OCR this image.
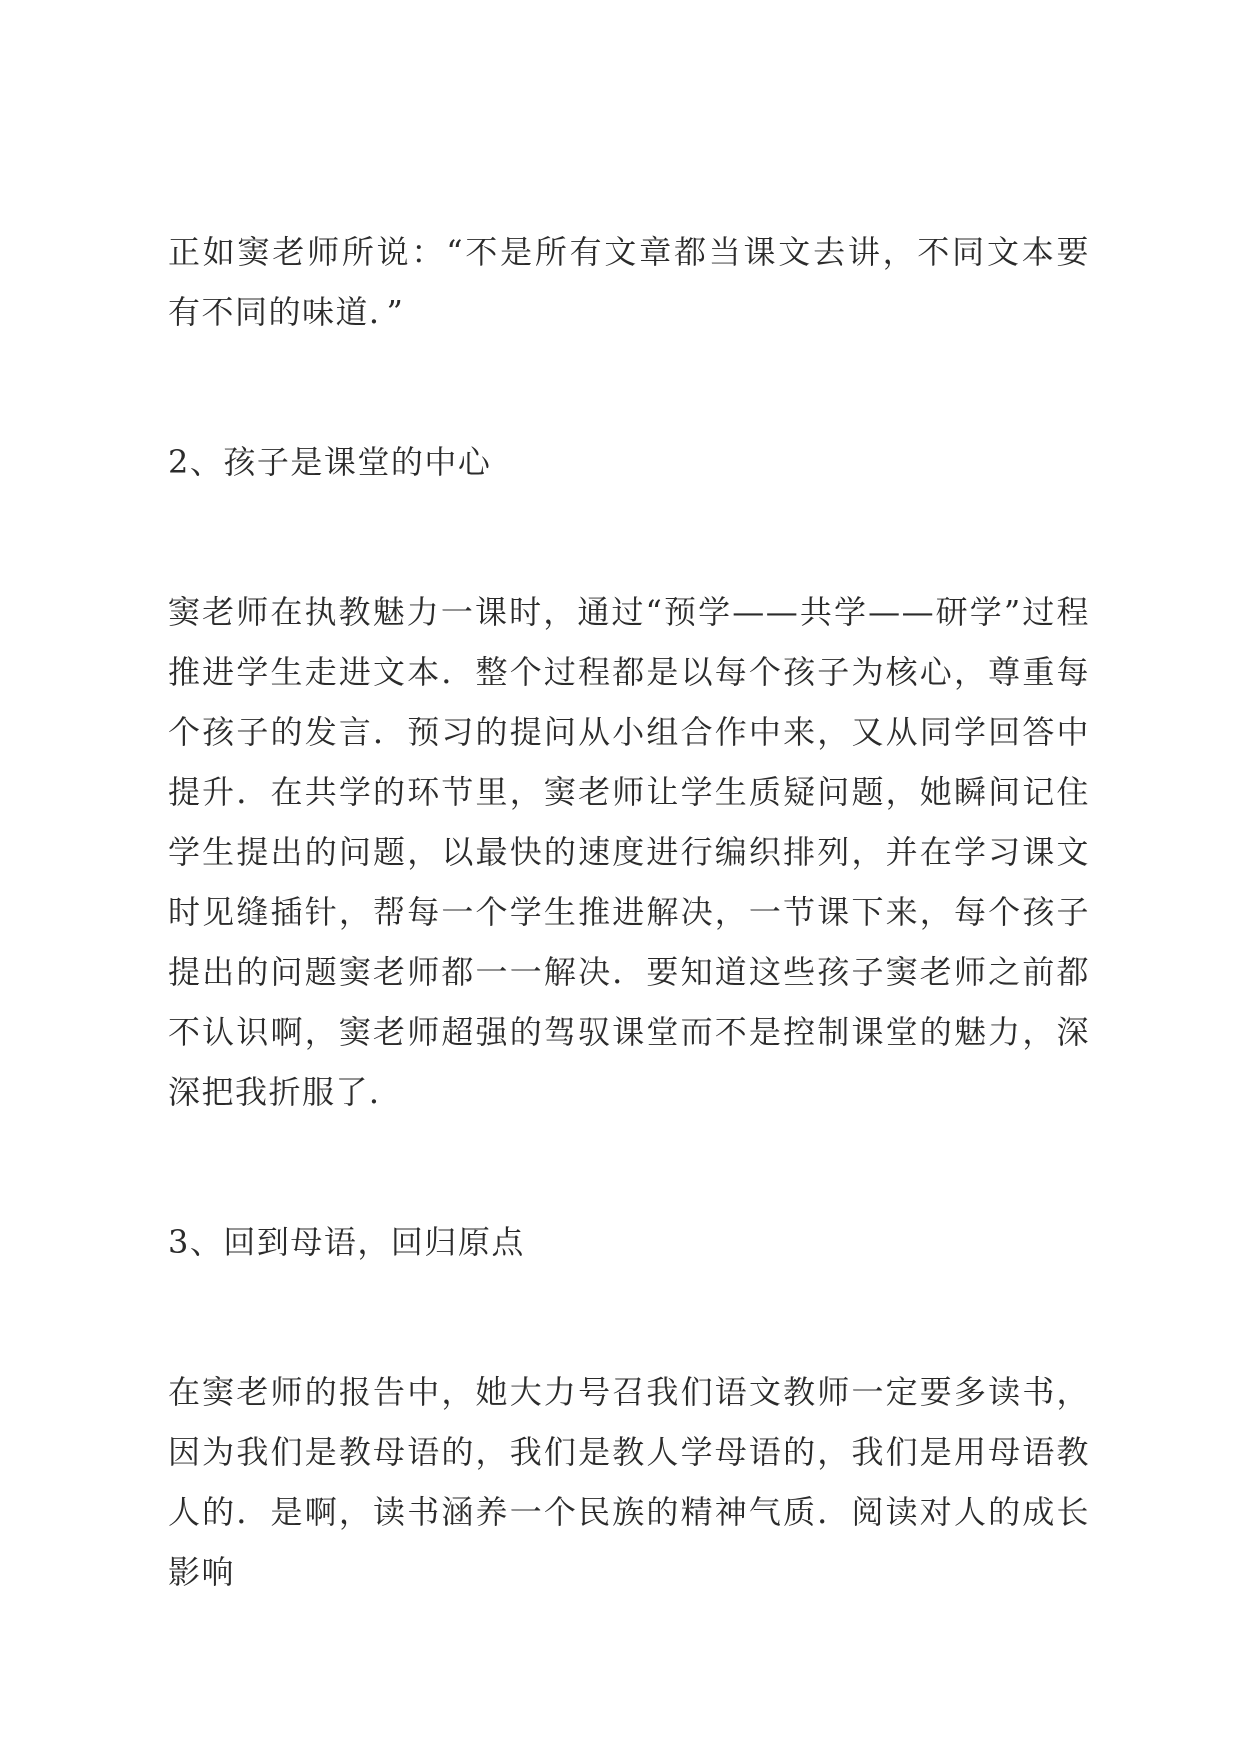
正如窦老师所说：“不是所有文章都当课文去讲，不同文本要有不同的味道．”

2、孩子是课堂的中心

窦老师在执教魅力一课时，通过“预学——共学——研学”过程推进学生走进文本．整个过程都是以每个孩子为核心，尊重每个孩子的发言．预习的提问从小组合作中来，又从同学回答中提升．在共学的环节里，窦老师让学生质疑问题，她瞬间记住学生提出的问题，以最快的速度进行编织排列，并在学习课文时见缝插针，帮每一个学生推进解决，一节课下来，每个孩子提出的问题窦老师都一一解决．要知道这些孩子窦老师之前都不认识啊，窦老师超强的驾驭课堂而不是控制课堂的魅力，深深把我折服了．

3、回到母语，回归原点

在窦老师的报告中，她大力号召我们语文教师一定要多读书，因为我们是教母语的，我们是教人学母语的，我们是用母语教人的．是啊，读书涵养一个民族的精神气质．阅读对人的成长影响
